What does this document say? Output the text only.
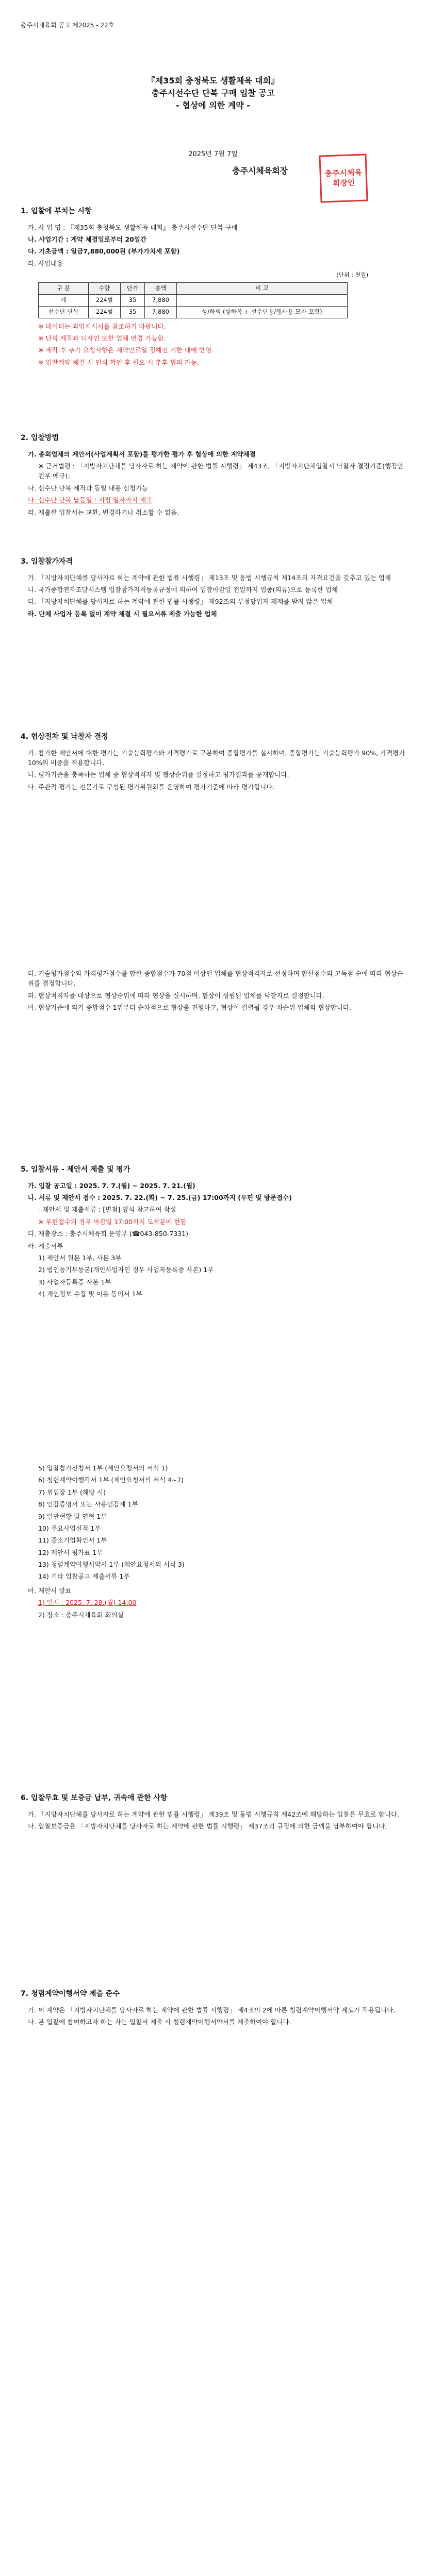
충주시체육회 공고 제2025 - 22호
『제35회 충청북도 생활체육 대회』
충주시선수단 단복 구매 입찰 공고
- 협상에 의한 계약 -
2025년 7월 7일
충주시체육회장	충주시체육회장인
1. 입찰에 부치는 사항
가. 사 업 명 : 『제35회 충청북도 생활체육 대회』 충주시선수단 단복 구매
나. 사업기간 : 계약 체결일로부터 20일간
다. 기초금액 : 일금7,880,000원 (부가가치세 포함)
라. 사업내용
(단위 : 천원)
구 분	수량	단가	총액	비 고
계	224벌	35	7,880	
선수단 단복	224벌	35	7,880	상/하의 (상하복 + 선수단용/행사용 모자 포함)
※ 데이터는 과업지시서를 참조하기 바랍니다.
※ 단복 제작과 디자인 또한 업체 변경 가능함.
※ 제작 후 추가 요청사항은 계약만료일 정해진 기한 내에 반영.
※ 입찰계약 체결 시 인식 확인 후 필요 시 추후 협의 가능.
2. 입찰방법
가. 총회업체의 제안서(사업계획서 포함)를 평가한 평가 후 협상에 의한 계약체결
※ 근거법령 : 「지방자치단체를 당사자로 하는 계약에 관한 법률 시행령」 제43조, 「지방자치단체입찰시 낙찰자 결정기준(행정안전부 예규)」
나. 선수단 단복 제작과 동일 내용 신청가능
다. 선수단 단복 납품일 : 지정 일자까지 제출
라. 제출한 입찰서는 교환, 변경하거나 취소할 수 없음.
3. 입찰참가자격
가. 「지방자치단체를 당사자로 하는 계약에 관한 법률 시행령」 제13조 및 동법 시행규칙 제14조의 자격요건을 갖추고 있는 업체
나. 국가종합전자조달시스템 입찰참가자격등록규정에 의하여 입찰마감일 전일까지 업종(의류)으로 등록한 업체
다. 「지방자치단체를 당사자로 하는 계약에 관한 법률 시행령」 제92조의 부정당업자 제재를 받지 않은 업체
라. 단체 사업자 등록 없이 계약 체결 시 필요서류 제출 가능한 업체
4. 협상절차 및 낙찰자 결정
가. 참가한 제안서에 대한 평가는 기술능력평가와 가격평가로 구분하여 종합평가를 실시하며, 종합평가는 기술능력평가 90%, 가격평가 10%의 비중을 적용합니다.
나. 평가기준을 충족하는 업체 중 협상적격자 및 협상순위를 결정하고 평가결과를 공개합니다.
다. 주관적 평가는 전문가로 구성된 평가위원회를 운영하여 평가기준에 따라 평가합니다.
다. 기술평가점수와 가격평가점수를 합한 종합점수가 70점 이상인 업체를 협상적격자로 선정하며 합산점수의 고득점 순에 따라 협상순위를 결정합니다.
라. 협상적격자를 대상으로 협상순위에 따라 협상을 실시하며, 협상이 성립된 업체를 낙찰자로 결정합니다.
마. 협상기준에 의거 종합점수 1위부터 순차적으로 협상을 진행하고, 협상이 결렬될 경우 차순위 업체와 협상합니다.
5. 입찰서류 - 제안서 제출 및 평가
가. 입찰 공고일 : 2025. 7. 7.(월) ~ 2025. 7. 21.(월)
나. 서류 및 제안서 접수 : 2025. 7. 22.(화) ~ 7. 25.(금) 17:00까지 (우편 및 방문접수)
- 제안서 및 제출서류 : [별첨] 양식 참고하여 작성
※ 우편접수의 경우 마감일 17:00까지 도착분에 한함
다. 제출장소 : 충주시체육회 운영부 (☎043-850-7331)
라. 제출서류
1) 제안서 원본 1부, 사본 3부
2) 법인등기부등본(개인사업자인 경우 사업자등록증 사본) 1부
3) 사업자등록증 사본 1부
4) 개인정보 수집 및 이용 동의서 1부
5) 입찰참가신청서 1부 (제안요청서의 서식 1)
6) 청렴계약이행각서 1부 (제안요청서의 서식 4~7)
7) 위임장 1부 (해당 시)
8) 인감증명서 또는 사용인감계 1부
9) 일반현황 및 연혁 1부
10) 주요사업실적 1부
11) 중소기업확인서 1부
12) 제안서 평가표 1부
13) 청렴계약이행서약서 1부 (제안요청서의 서식 3)
14) 기타 입찰공고 제출서류 1부
마. 제안서 발표
1) 일시 : 2025. 7. 28.(월) 14:00
2) 장소 : 충주시체육회 회의실
6. 입찰무효 및 보증금 납부, 귀속에 관한 사항
가. 「지방자치단체를 당사자로 하는 계약에 관한 법률 시행령」 제39조 및 동법 시행규칙 제42조에 해당하는 입찰은 무효로 합니다.
나. 입찰보증금은 「지방자치단체를 당사자로 하는 계약에 관한 법률 시행령」 제37조의 규정에 의한 금액을 납부하여야 합니다.
7. 청렴계약이행서약 제출 준수
가. 이 계약은 「지방자치단체를 당사자로 하는 계약에 관한 법률 시행령」 제4조의 2에 따른 청렴계약이행서약 제도가 적용됩니다.
나. 본 입찰에 참여하고자 하는 자는 입찰서 제출 시 청렴계약이행서약서를 제출하여야 합니다.
